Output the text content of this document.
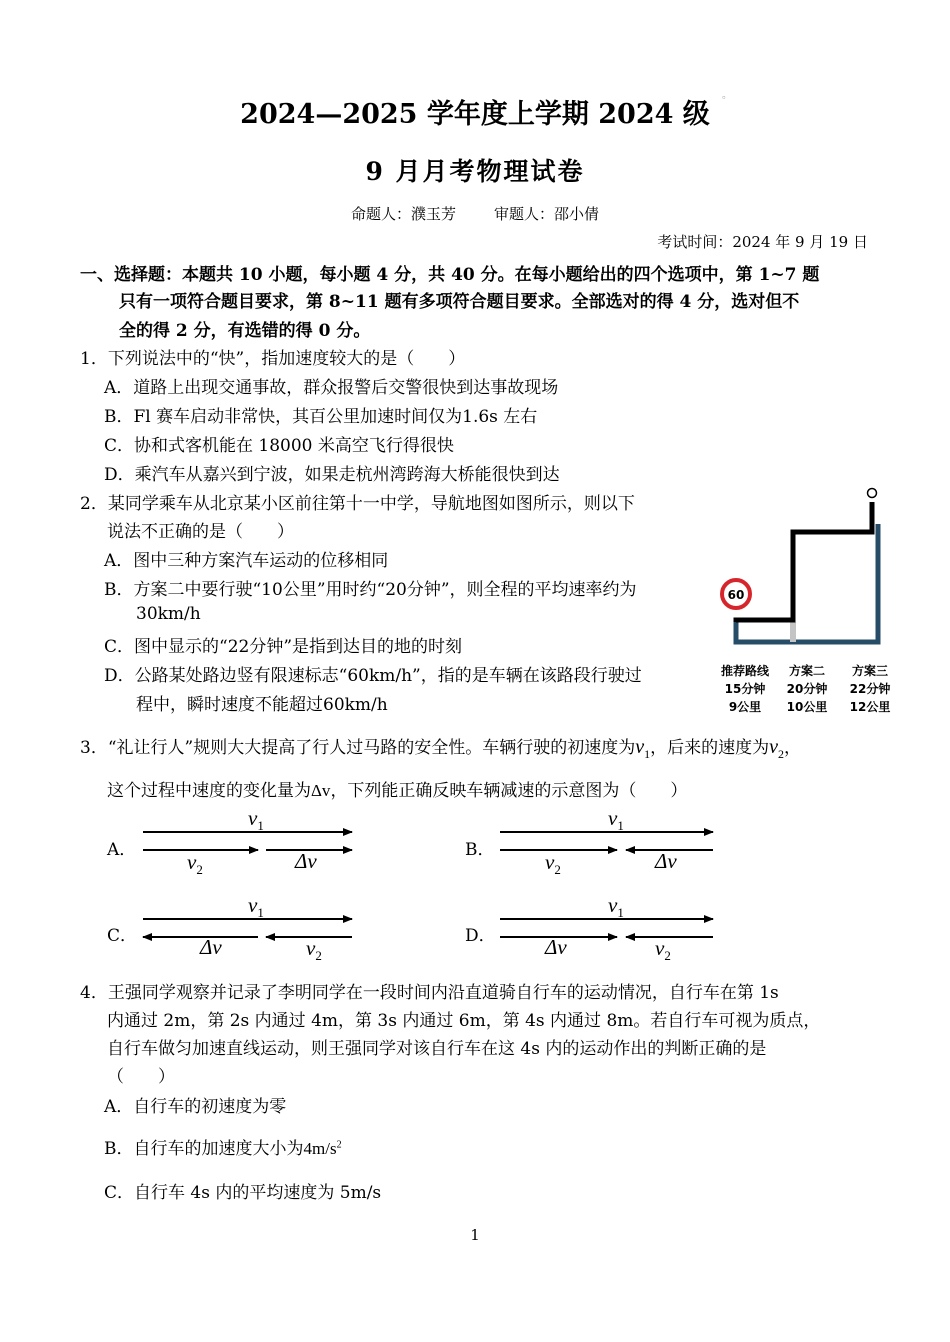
。
2024—2025 学年度上学期 2024 级
9 月月考物理试卷
命题人：濮玉芳	审题人：邵小倩
考试时间：2024 年 9 月 19 日
一、选择题：本题共 10 小题，每小题 4 分，共 40 分。在每小题给出的四个选项中，第 1~7 题
只有一项符合题目要求，第 8~11 题有多项符合题目要求。全部选对的得 4 分，选对但不
全的得 2 分，有选错的得 0 分。
1．下列说法中的“快”，指加速度较大的是（　　）
A．道路上出现交通事故，群众报警后交警很快到达事故现场
B．Fl 赛车启动非常快，其百公里加速时间仅为1.6s 左右
C．协和式客机能在 18000 米高空飞行得很快
D．乘汽车从嘉兴到宁波，如果走杭州湾跨海大桥能很快到达
2．某同学乘车从北京某小区前往第十一中学，导航地图如图所示，则以下
说法不正确的是（　　）
A．图中三种方案汽车运动的位移相同
B．方案二中要行驶“10公里”用时约“20分钟”，则全程的平均速率约为
30km/h
C．图中显示的“22分钟”是指到达目的地的时刻
D．公路某处路边竖有限速标志“60km/h”，指的是车辆在该路段行驶过
程中，瞬时速度不能超过60km/h
60
推荐路线
15分钟
9公里
方案二
20分钟
10公里
方案三
22分钟
12公里
3．“礼让行人”规则大大提高了行人过马路的安全性。车辆行驶的初速度为$v_1$，后来的速度为$v_2$，
这个过程中速度的变化量为Δv，下列能正确反映车辆减速的示意图为（　　）
A．	B．
C．	D．
$v_1$
$v_2$	Δv
$v_1$
$v_2$	Δv
$v_1$
Δv	$v_2$
$v_1$
Δv	$v_2$
4．王强同学观察并记录了李明同学在一段时间内沿直道骑自行车的运动情况，自行车在第 1s
内通过 2m，第 2s 内通过 4m，第 3s 内通过 6m，第 4s 内通过 8m。若自行车可视为质点，
自行车做匀加速直线运动，则王强同学对该自行车在这 4s 内的运动作出的判断正确的是
（　　）
A．自行车的初速度为零
B．自行车的加速度大小为$4m/s^2$
C．自行车 4s 内的平均速度为 5m/s
1
